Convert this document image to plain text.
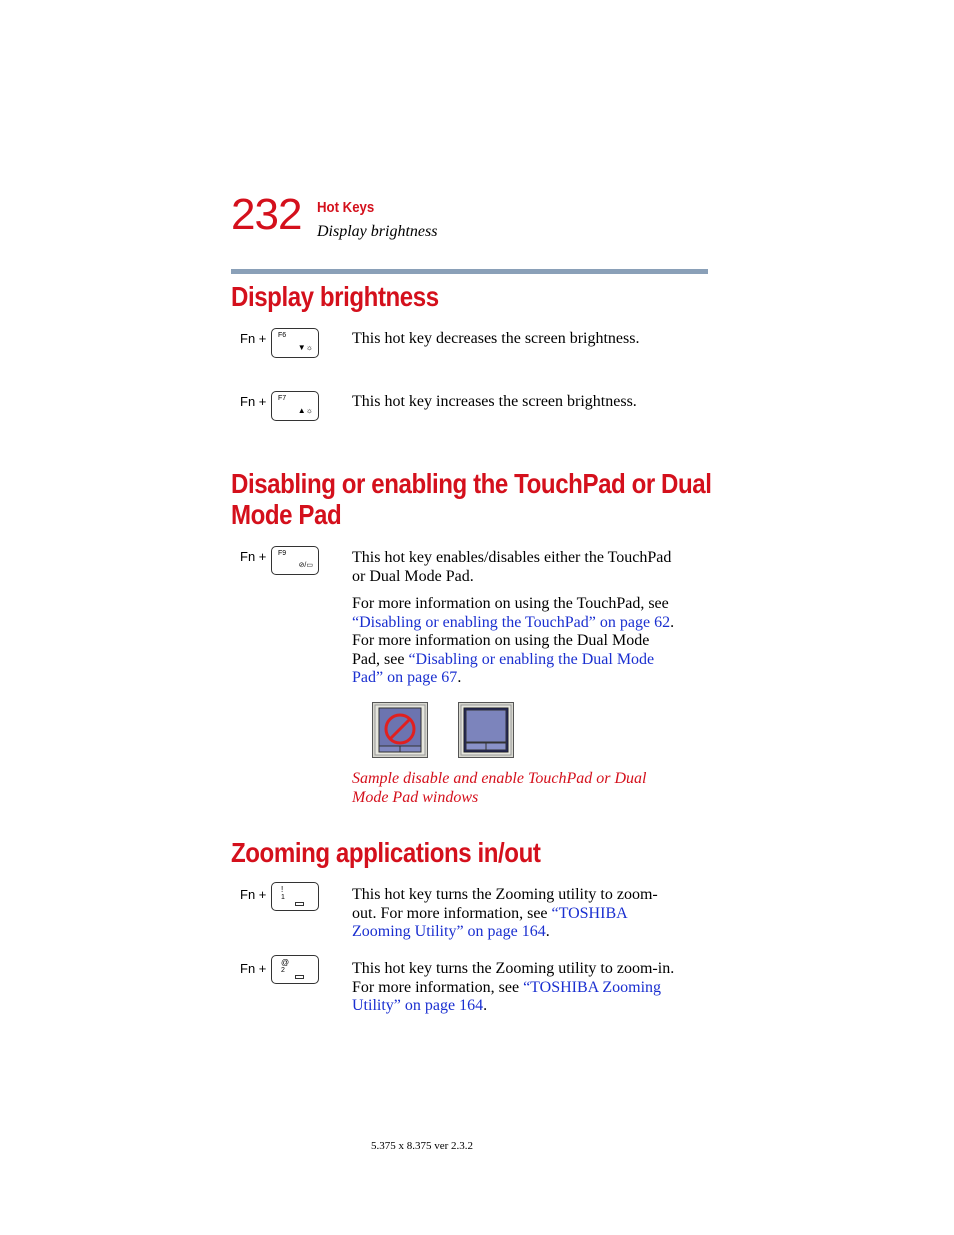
232 Hot Keys
Display brightness
Display brightness
Fn + F6
▼☼
This hot key decreases the screen brightness.
Fn + F7
▲☼
This hot key increases the screen brightness.
Disabling or enabling the TouchPad or Dual
Mode Pad
Fn + F9
⊘/▭ This hot key enables/disables either the TouchPad
or Dual Mode Pad.
For more information on using the TouchPad, see
“Disabling or enabling the TouchPad” on page 62.
For more information on using the Dual Mode
Pad, see “Disabling or enabling the Dual Mode
Pad” on page 67.
Sample disable and enable TouchPad or Dual
Mode Pad windows
Zooming applications in/out
Fn + !
1	This hot key turns the Zooming utility to zoom-
out. For more information, see “TOSHIBA
Zooming Utility” on page 164.
Fn + @
2	This hot key turns the Zooming utility to zoom-in.
For more information, see “TOSHIBA Zooming
Utility” on page 164.
5.375 x 8.375 ver 2.3.2
